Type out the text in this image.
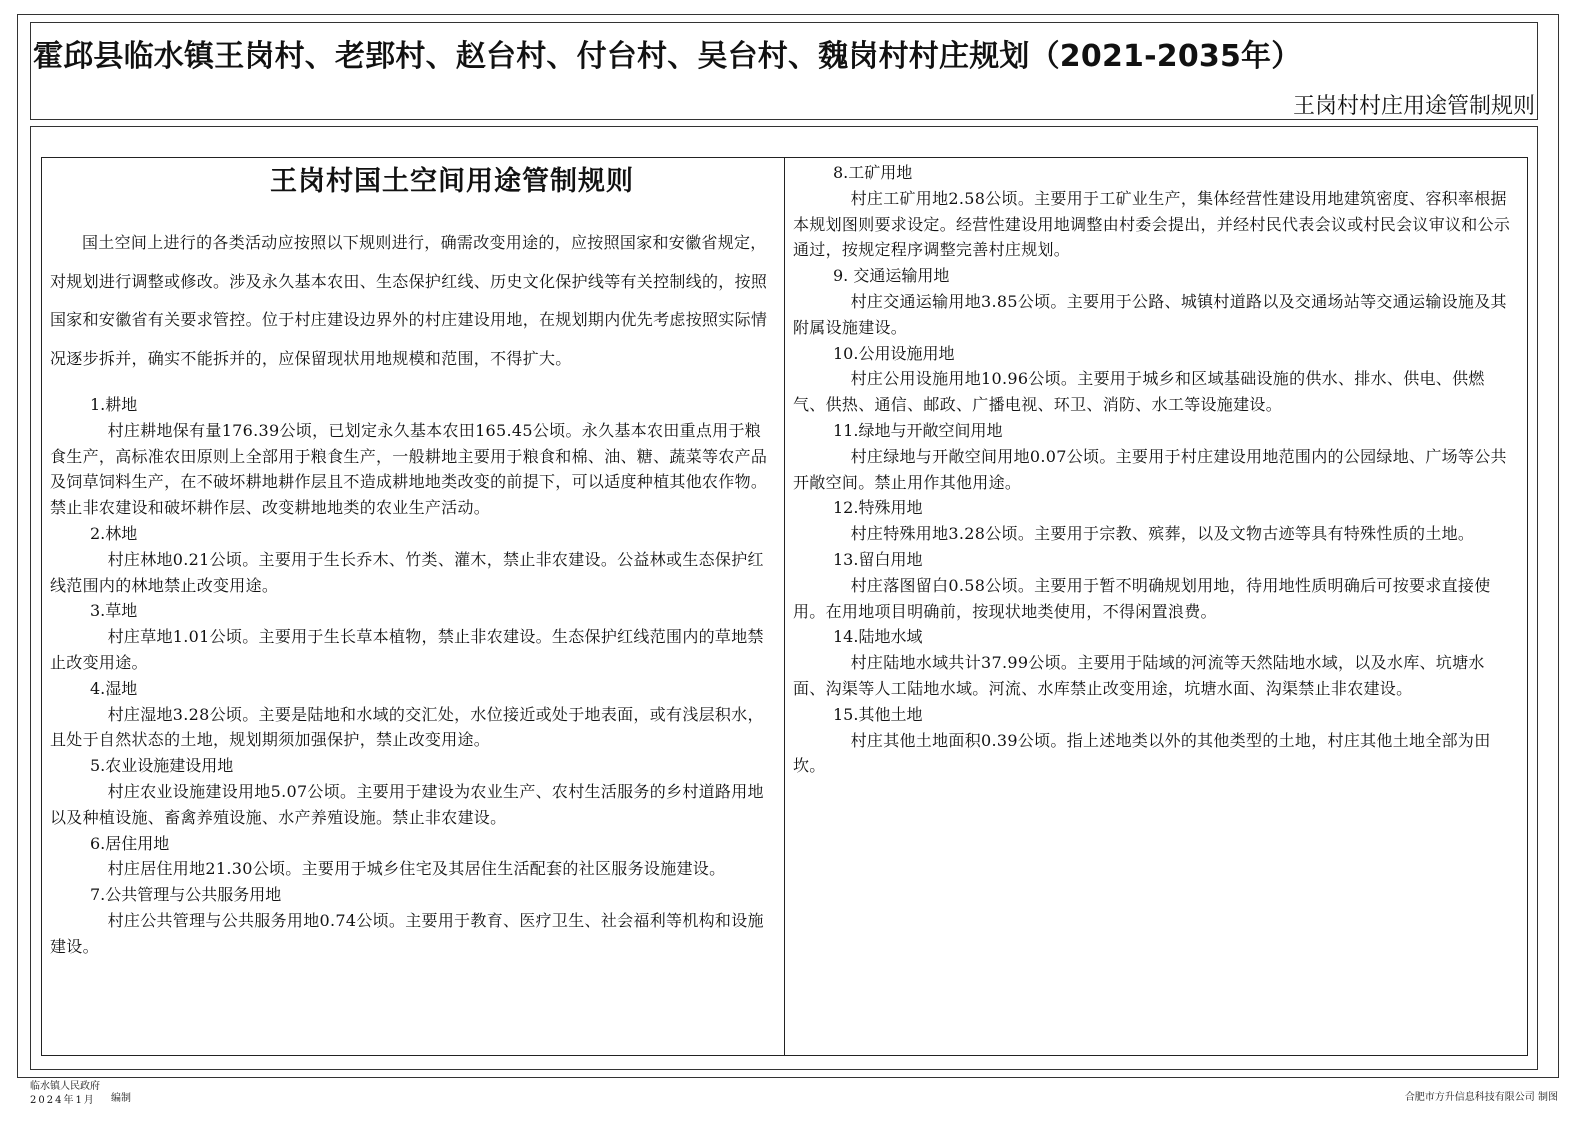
霍邱县临水镇王岗村、老郢村、赵台村、付台村、吴台村、魏岗村村庄规划（2021-2035年）
王岗村村庄用途管制规则
王岗村国土空间用途管制规则

国土空间上进行的各类活动应按照以下规则进行，确需改变用途的，应按照国家和安徽省规定，对规划进行调整或修改。涉及永久基本农田、生态保护红线、历史文化保护线等有关控制线的，按照国家和安徽省有关要求管控。位于村庄建设边界外的村庄建设用地，在规划期内优先考虑按照实际情况逐步拆并，确实不能拆并的，应保留现状用地规模和范围，不得扩大。

1.耕地

村庄耕地保有量176.39公顷，已划定永久基本农田165.45公顷。永久基本农田重点用于粮食生产，高标准农田原则上全部用于粮食生产，一般耕地主要用于粮食和棉、油、糖、蔬菜等农产品及饲草饲料生产，在不破坏耕地耕作层且不造成耕地地类改变的前提下，可以适度种植其他农作物。禁止非农建设和破坏耕作层、改变耕地地类的农业生产活动。

2.林地

村庄林地0.21公顷。主要用于生长乔木、竹类、灌木，禁止非农建设。公益林或生态保护红线范围内的林地禁止改变用途。

3.草地

村庄草地1.01公顷。主要用于生长草本植物，禁止非农建设。生态保护红线范围内的草地禁止改变用途。

4.湿地

村庄湿地3.28公顷。主要是陆地和水域的交汇处，水位接近或处于地表面，或有浅层积水，且处于自然状态的土地，规划期须加强保护，禁止改变用途。

5.农业设施建设用地

村庄农业设施建设用地5.07公顷。主要用于建设为农业生产、农村生活服务的乡村道路用地以及种植设施、畜禽养殖设施、水产养殖设施。禁止非农建设。

6.居住用地

村庄居住用地21.30公顷。主要用于城乡住宅及其居住生活配套的社区服务设施建设。

7.公共管理与公共服务用地

村庄公共管理与公共服务用地0.74公顷。主要用于教育、医疗卫生、社会福利等机构和设施建设。

8.工矿用地

村庄工矿用地2.58公顷。主要用于工矿业生产，集体经营性建设用地建筑密度、容积率根据本规划图则要求设定。经营性建设用地调整由村委会提出，并经村民代表会议或村民会议审议和公示通过，按规定程序调整完善村庄规划。

9. 交通运输用地

村庄交通运输用地3.85公顷。主要用于公路、城镇村道路以及交通场站等交通运输设施及其附属设施建设。

10.公用设施用地

村庄公用设施用地10.96公顷。主要用于城乡和区域基础设施的供水、排水、供电、供燃气、供热、通信、邮政、广播电视、环卫、消防、水工等设施建设。

11.绿地与开敞空间用地

村庄绿地与开敞空间用地0.07公顷。主要用于村庄建设用地范围内的公园绿地、广场等公共开敞空间。禁止用作其他用途。

12.特殊用地

村庄特殊用地3.28公顷。主要用于宗教、殡葬，以及文物古迹等具有特殊性质的土地。

13.留白用地

村庄落图留白0.58公顷。主要用于暂不明确规划用地，待用地性质明确后可按要求直接使用。在用地项目明确前，按现状地类使用，不得闲置浪费。

14.陆地水域

村庄陆地水域共计37.99公顷。主要用于陆域的河流等天然陆地水域，以及水库、坑塘水面、沟渠等人工陆地水域。河流、水库禁止改变用途，坑塘水面、沟渠禁止非农建设。

15.其他土地

村庄其他土地面积0.39公顷。指上述地类以外的其他类型的土地，村庄其他土地全部为田坎。

临水镇人民政府
2024年1月	编制	合肥市方升信息科技有限公司 制图
